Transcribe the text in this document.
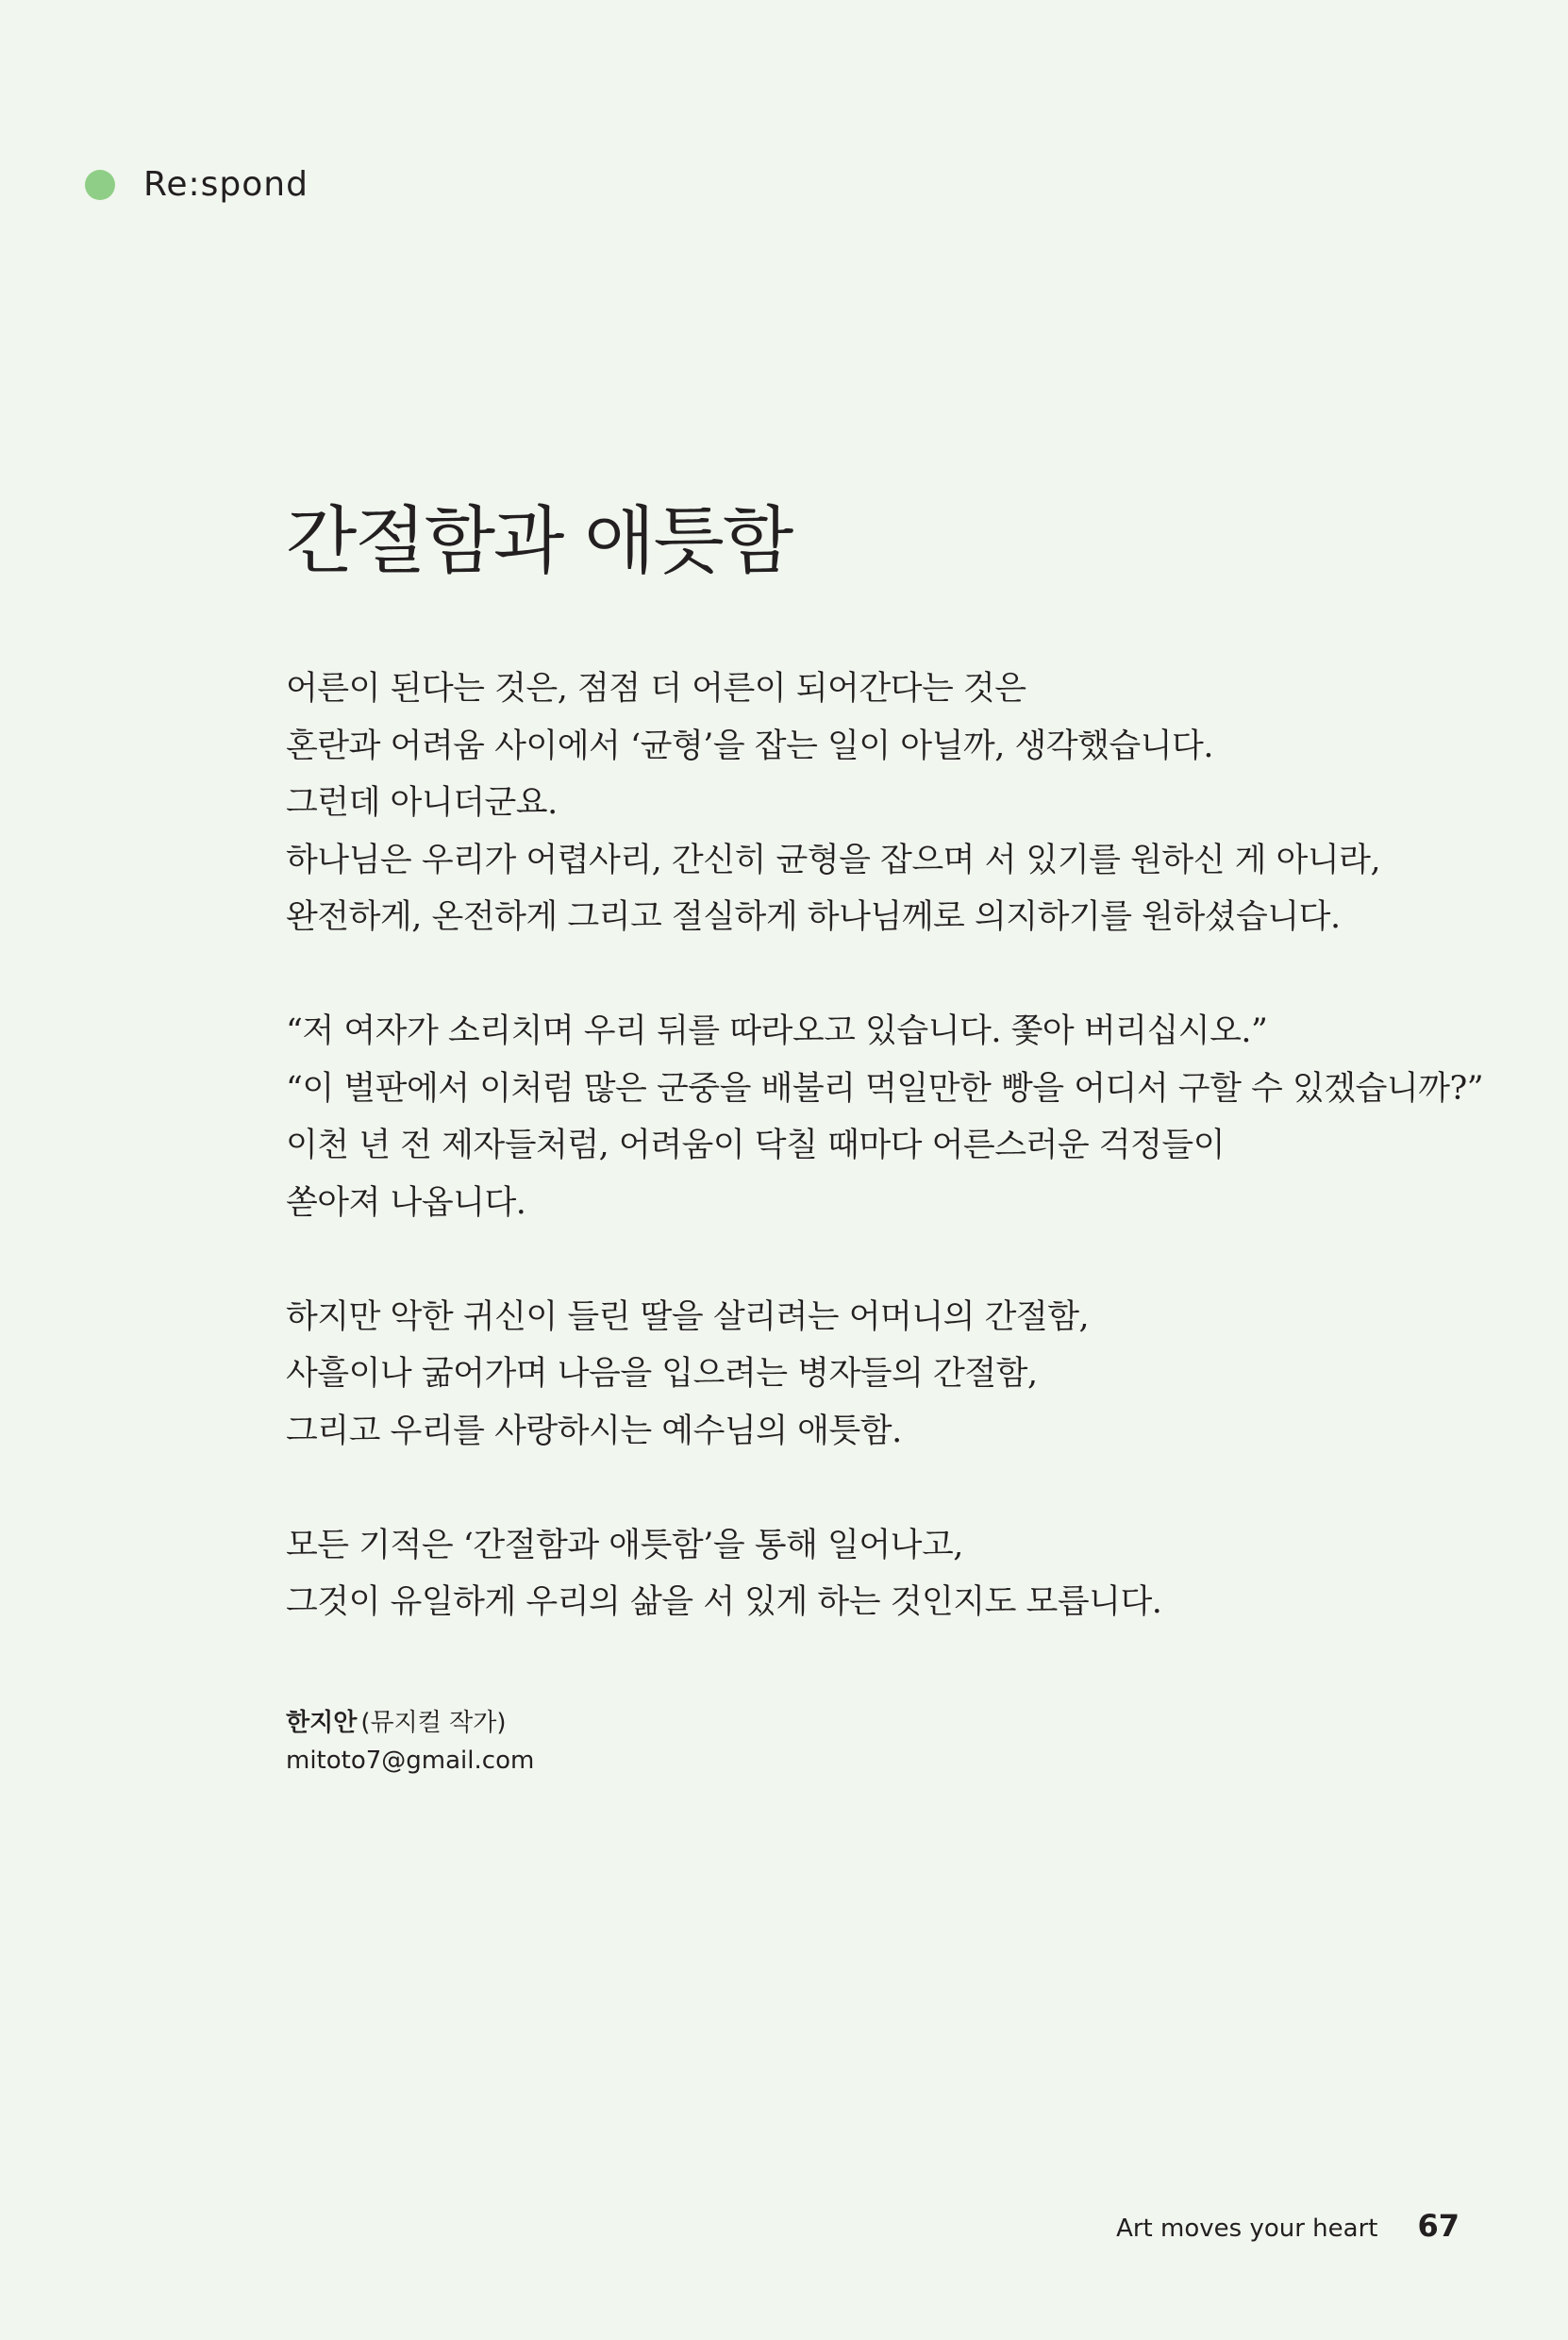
Re:spond
간절함과 애틋함

어른이 된다는 것은, 점점 더 어른이 되어간다는 것은
혼란과 어려움 사이에서 ‘균형’을 잡는 일이 아닐까, 생각했습니다.
그런데 아니더군요.
하나님은 우리가 어렵사리, 간신히 균형을 잡으며 서 있기를 원하신 게 아니라,
완전하게, 온전하게 그리고 절실하게 하나님께로 의지하기를 원하셨습니다.

“저 여자가 소리치며 우리 뒤를 따라오고 있습니다. 쫓아 버리십시오.”
“이 벌판에서 이처럼 많은 군중을 배불리 먹일만한 빵을 어디서 구할 수 있겠습니까?”
이천 년 전 제자들처럼, 어려움이 닥칠 때마다 어른스러운 걱정들이
쏟아져 나옵니다.

하지만 악한 귀신이 들린 딸을 살리려는 어머니의 간절함,
사흘이나 굶어가며 나음을 입으려는 병자들의 간절함,
그리고 우리를 사랑하시는 예수님의 애틋함.

모든 기적은 ‘간절함과 애틋함’을 통해 일어나고,
그것이 유일하게 우리의 삶을 서 있게 하는 것인지도 모릅니다.

한지안 (뮤지컬 작가)
mitoto7@gmail.com
Art moves your heart 67
